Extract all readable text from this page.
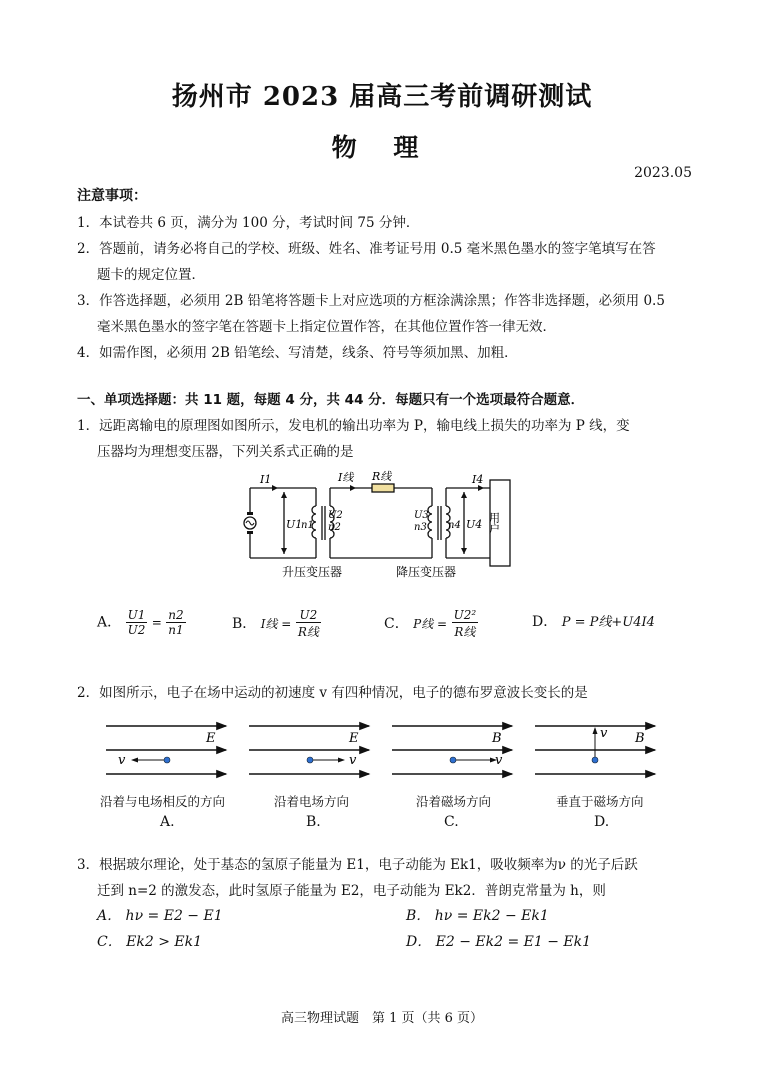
扬州市 2023 届高三考前调研测试
物 理
2023.05
注意事项：
1．本试卷共 6 页，满分为 100 分，考试时间 75 分钟．
2．答题前，请务必将自己的学校、班级、姓名、准考证号用 0.5 毫米黑色墨水的签字笔填写在答
题卡的规定位置．
3．作答选择题，必须用 2B 铅笔将答题卡上对应选项的方框涂满涂黑；作答非选择题，必须用 0.5
毫米黑色墨水的签字笔在答题卡上指定位置作答，在其他位置作答一律无效．
4．如需作图，必须用 2B 铅笔绘、写清楚，线条、符号等须加黑、加粗．
一、单项选择题：共 11 题，每题 4 分，共 44 分．每题只有一个选项最符合题意．
1．远距离输电的原理图如图所示，发电机的输出功率为 P，输电线上损失的功率为 P 线，变
压器均为理想变压器，下列关系式正确的是
I1	I线 R线	I4
U1
n1
U2
n2
U3
n3 n4 U4 用户
升压变压器	降压变压器
A． $\frac{U1}{U2} = \frac{n2}{n1}$	B． I线 = $\frac{U2}{\text{R线}}$	C． P线 = $\frac{\text{U2²}}{\text{R线}}$	D． P = P线+U4I4
2．如图所示，电子在场中运动的初速度 v 有四种情况，电子的德布罗意波长变长的是
E
v
E
v
B
v
B
v
沿着与电场相反的方向	沿着电场方向	沿着磁场方向	垂直于磁场方向
A.	B.	C.	D.
3．根据玻尔理论，处于基态的氢原子能量为 E1，电子动能为 Ek1，吸收频率为ν 的光子后跃
迁到 n=2 的激发态，此时氢原子能量为 E2，电子动能为 Ek2．普朗克常量为 h，则
A． hν = E2 − E1	B． hν = Ek2 − Ek1
C． Ek2 > Ek1	D． E2 − Ek2 = E1 − Ek1
高三物理试题　第 1 页（共 6 页）
